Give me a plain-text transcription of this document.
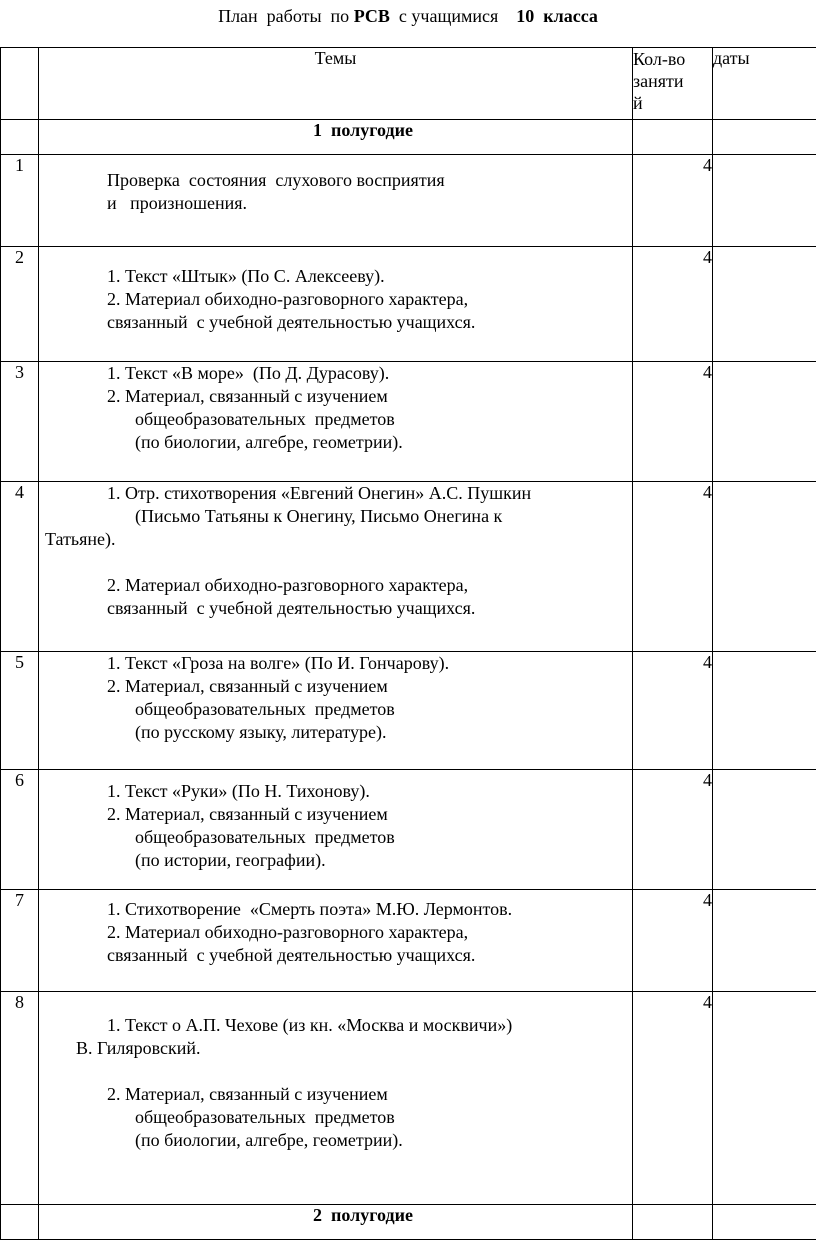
План  работы  по РСВ  с учащимися    10  класса
	Темы	Кол-во
заняти
й	даты
	1  полугодие		
1	Проверка  состояния  слухового восприятия
и   произношения.	4	
2	1. Текст «Штык» (По С. Алексееву).
2. Материал обиходно-разговорного характера,
связанный  с учебной деятельностью учащихся.	4	
3	1. Текст «В море»  (По Д. Дурасову).
2. Материал, связанный с изучением
общеобразовательных  предметов
(по биологии, алгебре, геометрии).	4	
4	1. Отр. стихотворения «Евгений Онегин» А.С. Пушкин
(Письмо Татьяны к Онегину, Письмо Онегина к
Татьяне).
2. Материал обиходно-разговорного характера,
связанный  с учебной деятельностью учащихся.	4	
5	1. Текст «Гроза на волге» (По И. Гончарову).
2. Материал, связанный с изучением
общеобразовательных  предметов
(по русскому языку, литературе).	4	
6	1. Текст «Руки» (По Н. Тихонову).
2. Материал, связанный с изучением
общеобразовательных  предметов
(по истории, географии).	4	
7	1. Стихотворение  «Смерть поэта» М.Ю. Лермонтов.
2. Материал обиходно-разговорного характера,
связанный  с учебной деятельностью учащихся.	4	
8	1. Текст о А.П. Чехове (из кн. «Москва и москвичи»)
В. Гиляровский.
2. Материал, связанный с изучением
общеобразовательных  предметов
(по биологии, алгебре, геометрии).	4	
	2  полугодие		
